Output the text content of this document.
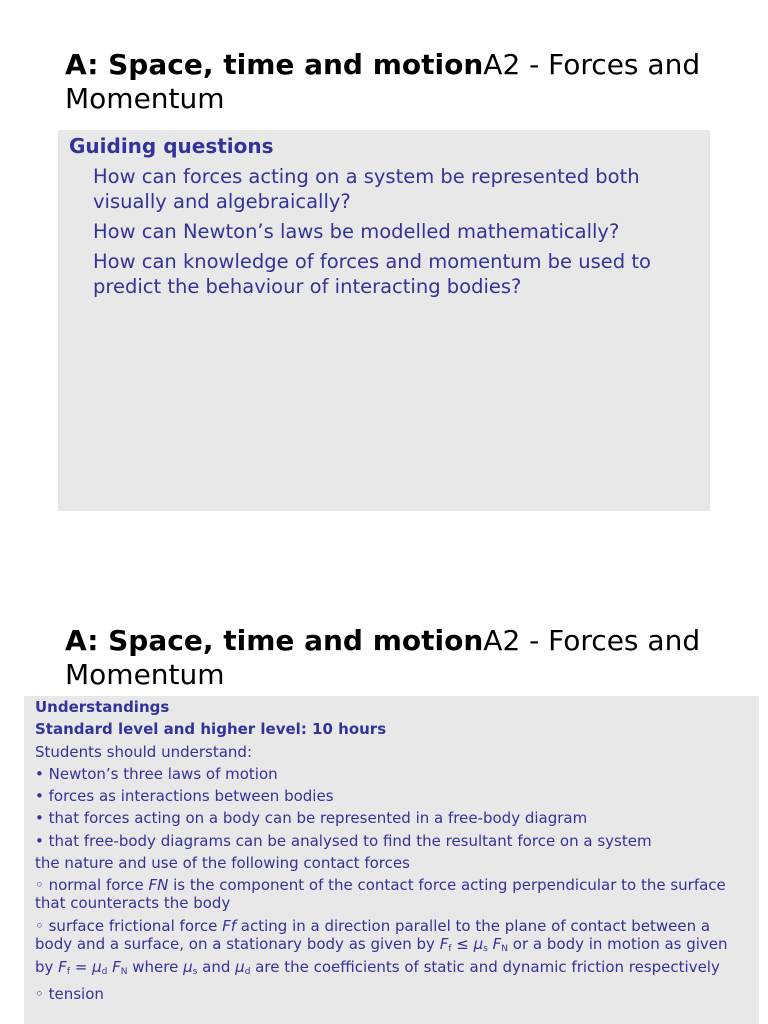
A: Space, time and motionA2 - Forces and Momentum

Guiding questions

How can forces acting on a system be represented both visually and algebraically?

How can Newton’s laws be modelled mathematically?

How can knowledge of forces and momentum be used to predict the behaviour of interacting bodies?

A: Space, time and motionA2 - Forces and Momentum

Understandings

Standard level and higher level: 10 hours

Students should understand:

• Newton’s three laws of motion

• forces as interactions between bodies

• that forces acting on a body can be represented in a free-body diagram

• that free-body diagrams can be analysed to find the resultant force on a system

the nature and use of the following contact forces

◦ normal force FN is the component of the contact force acting perpendicular to the surface that counteracts the body

◦ surface frictional force Ff acting in a direction parallel to the plane of contact between a body and a surface, on a stationary body as given by $F_f \le \mu_s$ $F_N$ or a body in motion as given by $F_f = \mu_d$ $F_N$ where $\mu_s$ and $\mu_d$ are the coefficients of static and dynamic friction respectively

◦ tension
